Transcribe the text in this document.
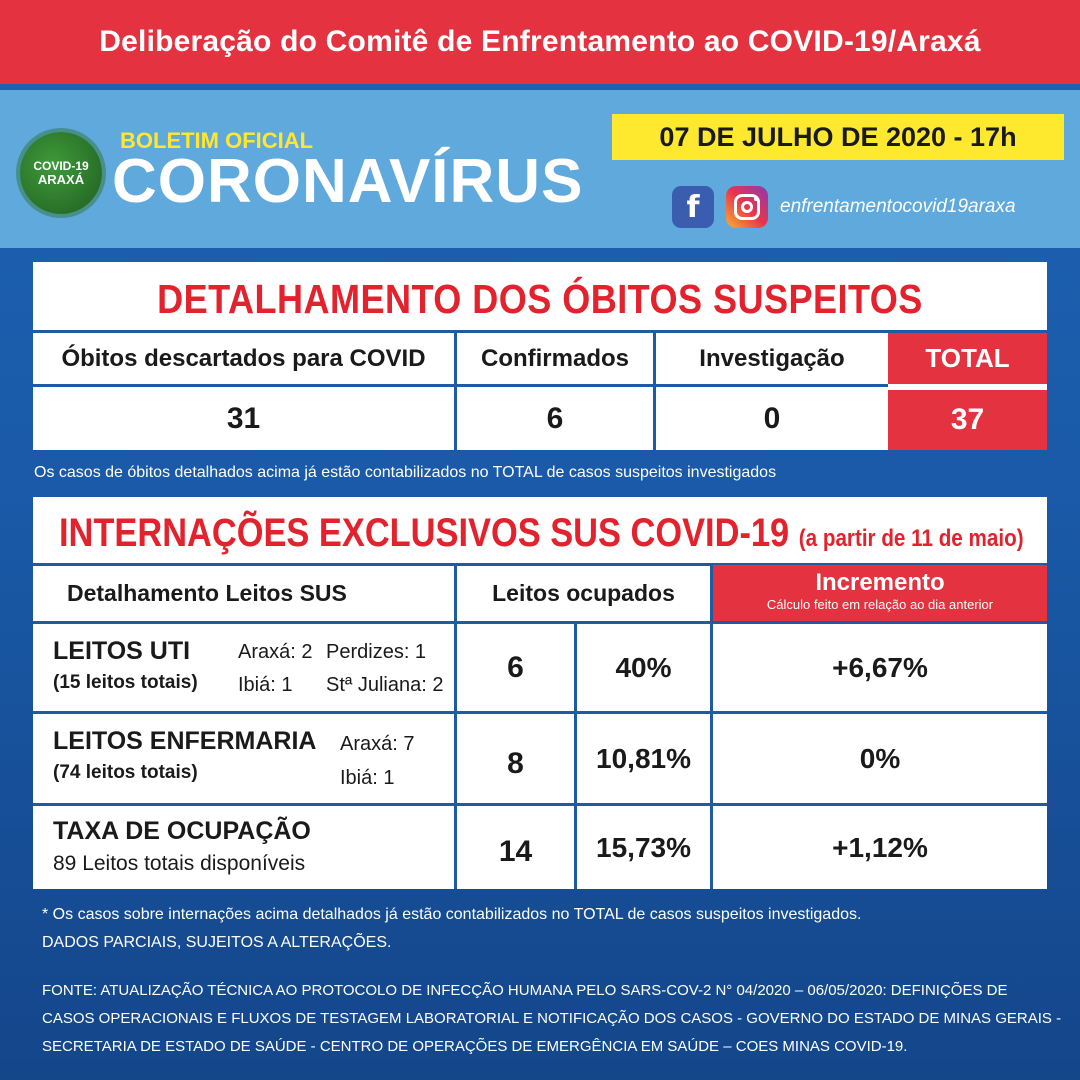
Deliberação do Comitê de Enfrentamento ao COVID-19/Araxá
COVID-19
ARAXÁ
BOLETIM OFICIAL
CORONAVÍRUS
07 DE JULHO DE 2020 - 17h
f	enfrentamentocovid19araxa
DETALHAMENTO DOS ÓBITOS SUSPEITOS
Óbitos descartados para COVID	Confirmados	Investigação	TOTAL
31	6	0	37
Os casos de óbitos detalhados acima já estão contabilizados no TOTAL de casos suspeitos investigados
INTERNAÇÕES EXCLUSIVOS SUS COVID-19 (a partir de 11 de maio)
Detalhamento Leitos SUS	Leitos ocupados	Incremento
Cálculo feito em relação ao dia anterior
LEITOS UTI
(15 leitos totais)
Araxá: 2 Perdizes: 1
Ibiá: 1 Stª Juliana: 2
6	40%	+6,67%
LEITOS ENFERMARIA
(74 leitos totais)
Araxá: 7
Ibiá: 1	8	10,81%	0%
TAXA DE OCUPAÇÃO
89 Leitos totais disponíveis	14	15,73%	+1,12%
* Os casos sobre internações acima detalhados já estão contabilizados no TOTAL de casos suspeitos investigados.
DADOS PARCIAIS, SUJEITOS A ALTERAÇÕES.
FONTE: ATUALIZAÇÃO TÉCNICA AO PROTOCOLO DE INFECÇÃO HUMANA PELO SARS-COV-2 N° 04/2020 – 06/05/2020: DEFINIÇÕES DE
CASOS OPERACIONAIS E FLUXOS DE TESTAGEM LABORATORIAL E NOTIFICAÇÃO DOS CASOS - GOVERNO DO ESTADO DE MINAS GERAIS -
SECRETARIA DE ESTADO DE SAÚDE - CENTRO DE OPERAÇÕES DE EMERGÊNCIA EM SAÚDE – COES MINAS COVID-19.
